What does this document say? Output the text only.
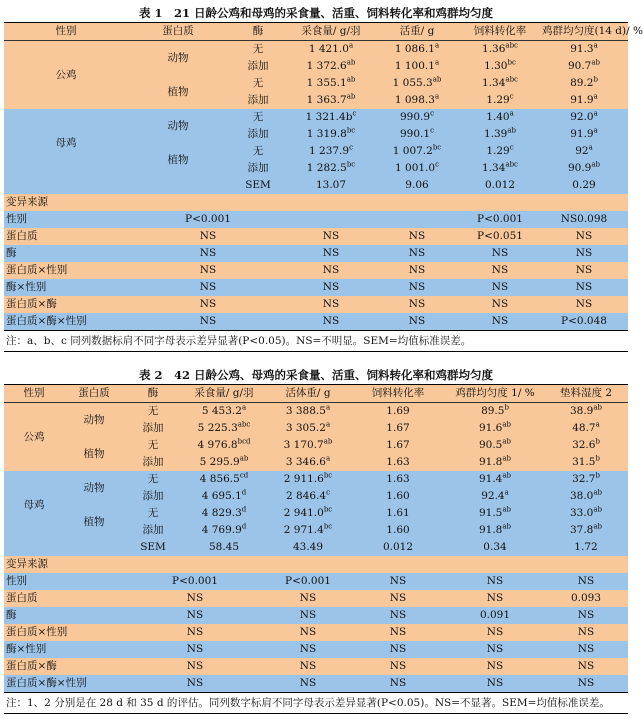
表 1　21 日龄公鸡和母鸡的采食量、活重、饲料转化率和鸡群均匀度
性别	蛋白质	酶	采食量/ g/羽	活重/ g	饲料转化率	鸡群均匀度(14 d)/ %
公鸡	动物	无	1 421.0$^a$	1 086.1$^a$	1.36$^{abc}$	91.3$^a$
		添加	1 372.6$^{ab}$	1 100.1$^a$	1.30$^{bc}$	90.7$^{ab}$
	植物	无	1 355.1$^{ab}$	1 055.3$^{ab}$	1.34$^{abc}$	89.2$^b$
		添加	1 363.7$^{ab}$	1 098.3$^a$	1.29$^c$	91.9$^a$
母鸡	动物	无	1 $321.4b^c$	990.9$^c$	1.40$^a$	92.0$^a$
		添加	1 319.8$^{bc}$	990.1$^c$	1.39$^{ab}$	91.9$^a$
	植物	无	1 237.9$^c$	1 007.2$^{bc}$	1.29$^c$	92$^a$
		添加	1 282.5$^{bc}$	1 001.0$^c$	1.34$^{abc}$	90.9$^{ab}$
		SEM	13.07	9.06	0.012	0.29
变异来源						
性别	P<0.001				P<0.001	NS0.098
蛋白质	NS		NS	NS	P<0.051	NS
酶	NS		NS	NS	NS	NS
蛋白质×性别	NS		NS	NS	NS	NS
酶×性别	NS		NS	NS	NS	NS
蛋白质×酶	NS		NS	NS	NS	NS
蛋白质×酶×性别	NS		NS	NS	NS	P<0.048
注：a、b、c 同列数据标肩不同字母表示差异显著(P<0.05)。NS=不明显。SEM=均值标准误差。
表 2　42 日龄公鸡、母鸡的采食量、活重、饲料转化率和鸡群均匀度
性别	蛋白质	酶	采食量/ g/羽	活体重/ g	饲料转化率	鸡群均匀度 1/ %	垫料湿度 2
公鸡	动物	无	5 453.2$^a$	3 388.5$^a$	1.69	89.5$^b$	38.9$^{ab}$
		添加	5 225.3$^{abc}$	3 305.2$^a$	1.67	91.6$^{ab}$	48.7$^a$
	植物	无	4 976.8$^{bcd}$	3 170.7$^{ab}$	1.67	90.5$^{ab}$	32.6$^b$
		添加	5 295.9$^{ab}$	3 346.6$^a$	1.63	91.8$^{ab}$	31.5$^b$
母鸡	动物	无	4 856.5$^{cd}$	2 911.6$^{bc}$	1.63	91.4$^{ab}$	32.7$^b$
		添加	4 695.1$^d$	2 846.4$^c$	1.60	92.4$^a$	38.0$^{ab}$
	植物	无	4 829.3$^d$	2 941.0$^{bc}$	1.61	91.5$^{ab}$	33.0$^{ab}$
		添加	4 769.9$^d$	2 971.4$^{bc}$	1.60	91.8$^{ab}$	37.8$^{ab}$
		SEM	58.45	43.49	0.012	0.34	1.72
变异来源							
性别		P<0.001		P<0.001	NS	NS	NS
蛋白质		NS		NS	NS	NS	0.093
酶		NS		NS	NS	0.091	NS
蛋白质×性别		NS		NS	NS	NS	NS
酶×性别		NS		NS	NS	NS	NS
蛋白质×酶		NS		NS	NS	NS	NS
蛋白质×酶×性别		NS		NS	NS	NS	NS
注：1、2 分别是在 28 d 和 35 d 的评估。同列数字标肩不同字母表示差异显著(P<0.05)。NS=不显著。SEM=均值标准误差。
